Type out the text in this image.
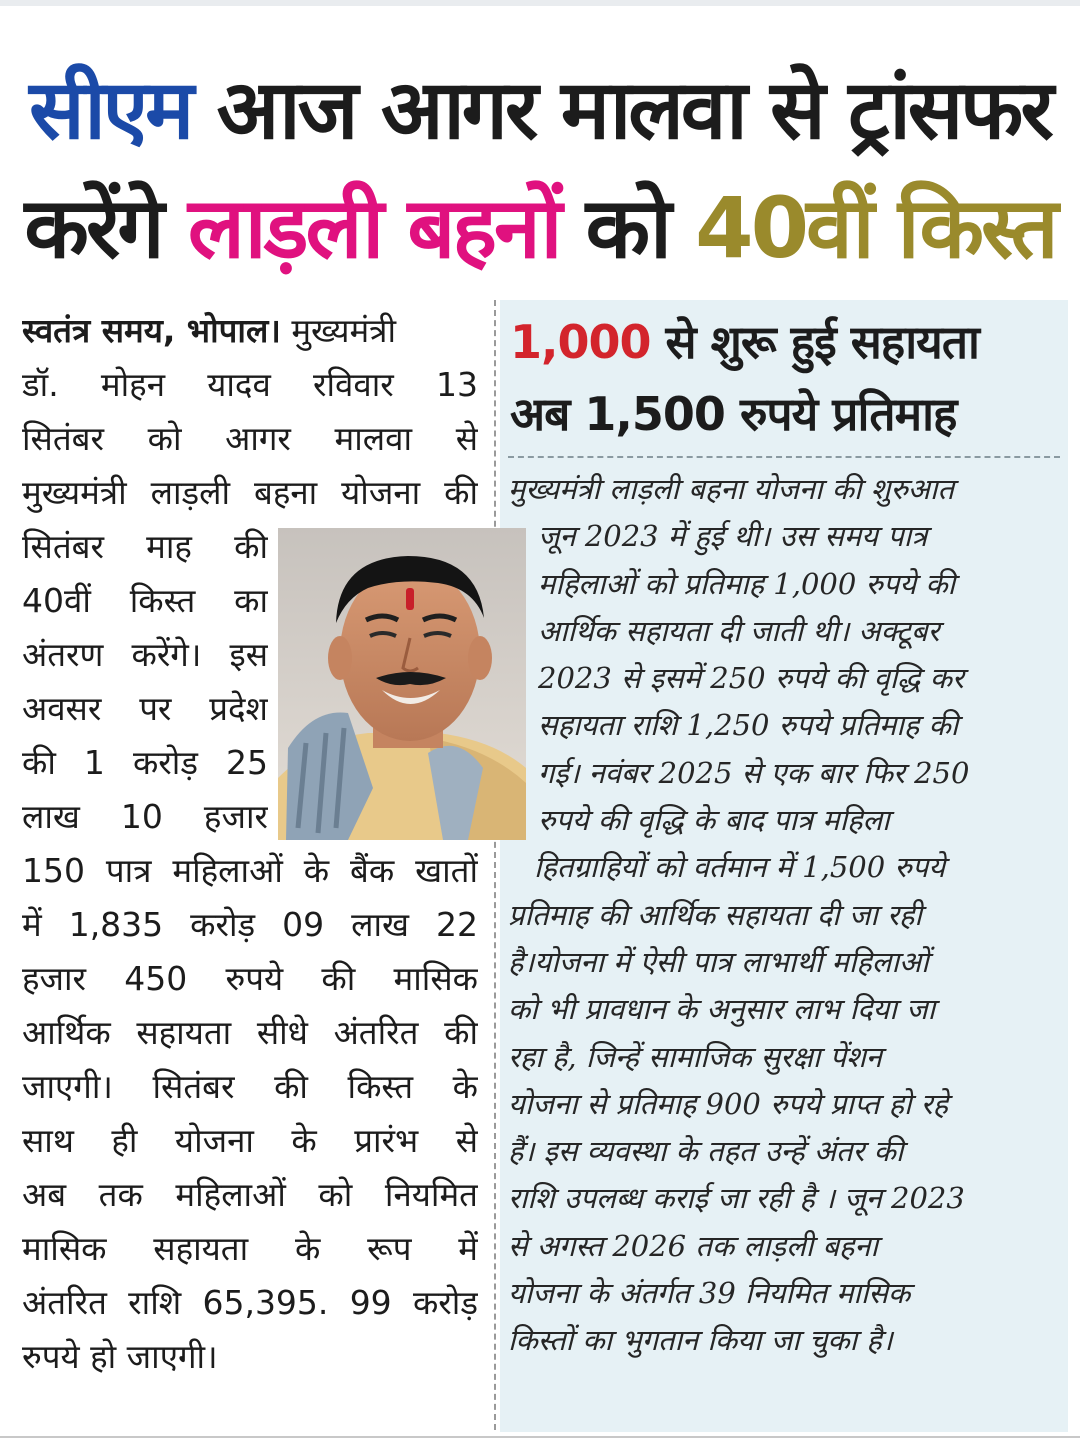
सीएम आज आगर मालवा से ट्रांसफर
करेंगे लाड़ली बहनों को 40वीं किस्त
स्वतंत्र समय, भोपाल। मुख्यमंत्री
डॉ. मोहन यादव रविवार 13
सितंबर को आगर मालवा से
मुख्यमंत्री लाड़ली बहना योजना की
सितंबर माह की
40वीं किस्त का
अंतरण करेंगे। इस
अवसर पर प्रदेश
की 1 करोड़ 25
लाख 10 हजार
150 पात्र महिलाओं के बैंक खातों
में 1,835 करोड़ 09 लाख 22
हजार 450 रुपये की मासिक
आर्थिक सहायता सीधे अंतरित की
जाएगी। सितंबर की किस्त के
साथ ही योजना के प्रारंभ से
अब तक महिलाओं को नियमित
मासिक सहायता के रूप में
अंतरित राशि 65,395. 99 करोड़
रुपये हो जाएगी।
1,000 से शुरू हुई सहायता
अब 1,500 रुपये प्रतिमाह
मुख्यमंत्री लाड़ली बहना योजना की शुरुआत
जून 2023 में हुई थी। उस समय पात्र
महिलाओं को प्रतिमाह 1,000 रुपये की
आर्थिक सहायता दी जाती थी। अक्टूबर
2023 से इसमें 250 रुपये की वृद्धि कर
सहायता राशि 1,250 रुपये प्रतिमाह की
गई। नवंबर 2025 से एक बार फिर 250
रुपये की वृद्धि के बाद पात्र महिला
हितग्राहियों को वर्तमान में 1,500 रुपये
प्रतिमाह की आर्थिक सहायता दी जा रही
है।योजना में ऐसी पात्र लाभार्थी महिलाओं
को भी प्रावधान के अनुसार लाभ दिया जा
रहा है, जिन्हें सामाजिक सुरक्षा पेंशन
योजना से प्रतिमाह 900 रुपये प्राप्त हो रहे
हैं। इस व्यवस्था के तहत उन्हें अंतर की
राशि उपलब्ध कराई जा रही है । जून 2023
से अगस्त 2026 तक लाड़ली बहना
योजना के अंतर्गत 39 नियमित मासिक
किस्तों का भुगतान किया जा चुका है।
